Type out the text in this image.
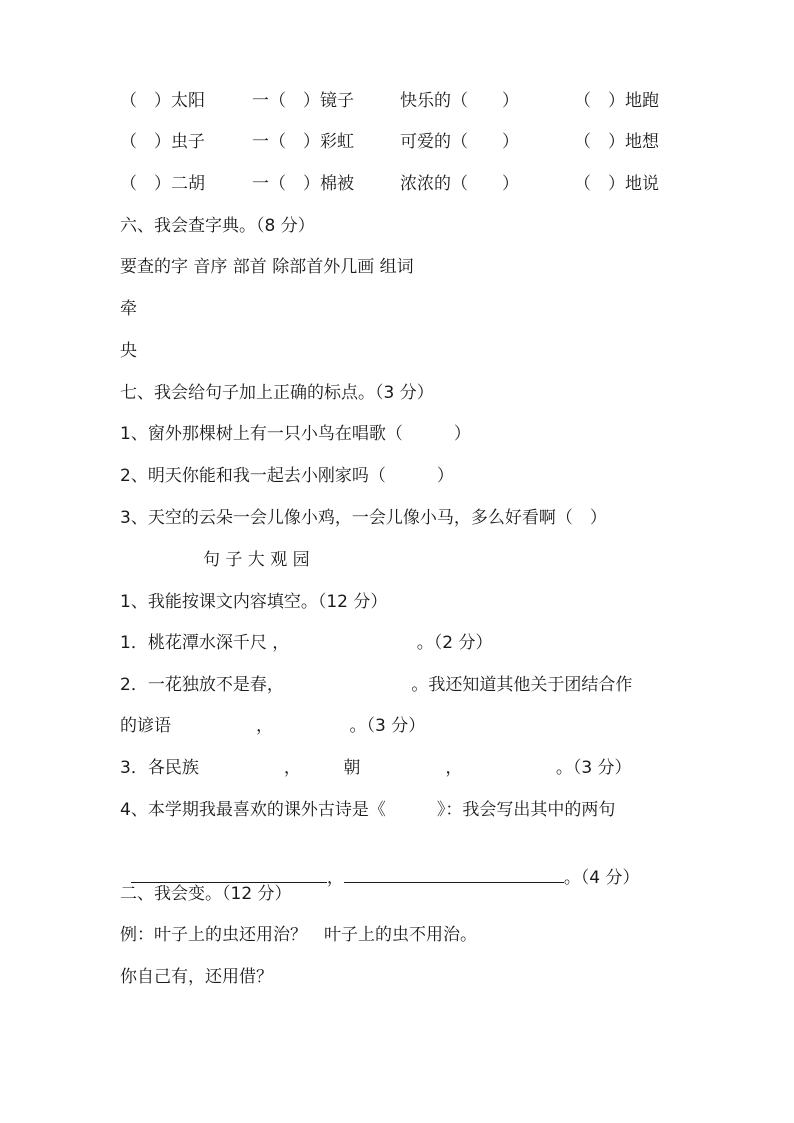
（　）太阳	一（　）镜子	快乐的（　　）	（　）地跑
（　）虫子	一（　）彩虹	可爱的（　　）	（　）地想
（　）二胡	一（　）棉被	浓浓的（　　）	（　）地说
六、我会查字典。（8 分）
要查的字 音序 部首 除部首外几画 组词
牵
央
七、我会给句子加上正确的标点。（3 分）
1、窗外那棵树上有一只小鸟在唱歌（　　　）
2、明天你能和我一起去小刚家吗（　　　）
3、天空的云朵一会儿像小鸡，一会儿像小马，多么好看啊（　）
句 子 大 观 园
1、我能按课文内容填空。（12 分）
1．桃花潭水深千尺 ，　　　　　　　　。（2 分）
2．一花独放不是春，　　　　　　　　。我还知道其他关于团结合作
的谚语　　　　　，　　　　　。（3 分）
3．各民族　　　　　，　　　朝　　　　　，　　　　　　。（3 分）
4、本学期我最喜欢的课外古诗是《　　　》：我会写出其中的两句

，	。（4 分）

二、我会变。（12 分）
例：叶子上的虫还用治？　叶子上的虫不用治。
你自己有，还用借？
